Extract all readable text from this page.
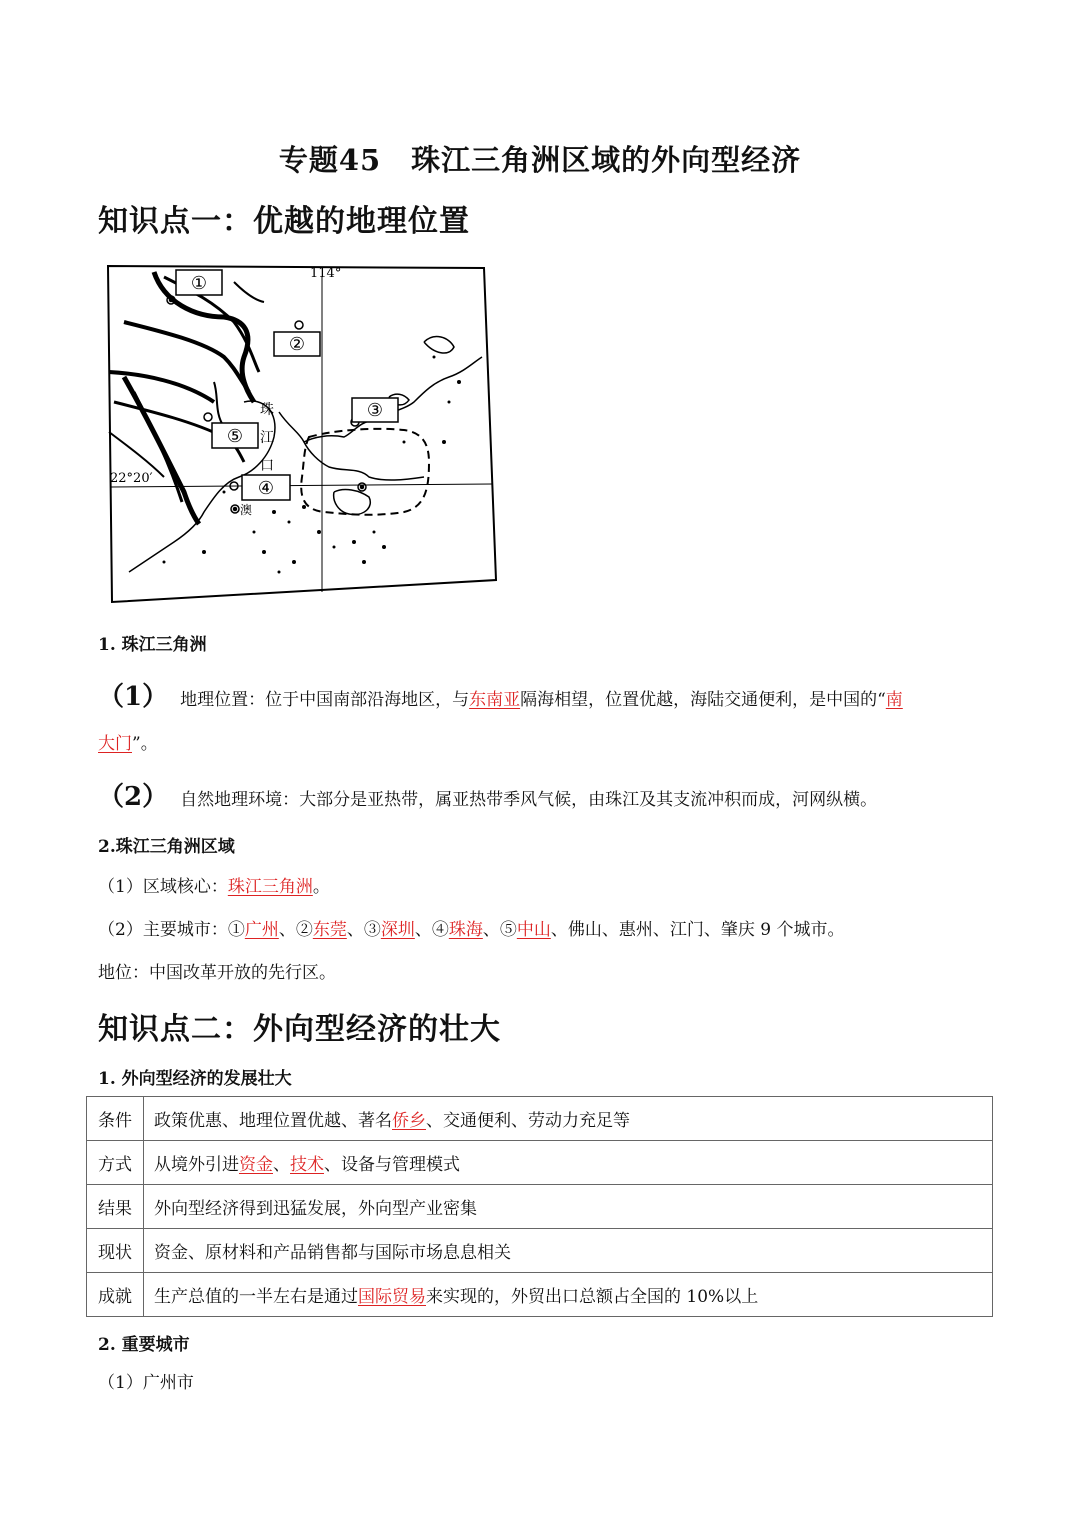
专题45　珠江三角洲区域的外向型经济
知识点一：优越的地理位置
①
②
③
④
⑤
114°
22°20′
珠
江
口
澳
1. 珠江三角洲
（1） 地理位置：位于中国南部沿海地区，与东南亚隔海相望，位置优越，海陆交通便利，是中国的“南
大门”。
（2） 自然地理环境：大部分是亚热带，属亚热带季风气候，由珠江及其支流冲积而成，河网纵横。
2.珠江三角洲区域
（1）区域核心：珠江三角洲。
（2）主要城市：①广州、②东莞、③深圳、④珠海、⑤中山、佛山、惠州、江门、肇庆 9 个城市。
地位：中国改革开放的先行区。
知识点二：外向型经济的壮大
1. 外向型经济的发展壮大
条件	政策优惠、地理位置优越、著名侨乡、交通便利、劳动力充足等
方式	从境外引进资金、技术、设备与管理模式
结果	外向型经济得到迅猛发展，外向型产业密集
现状	资金、原材料和产品销售都与国际市场息息相关
成就	生产总值的一半左右是通过国际贸易来实现的，外贸出口总额占全国的 10%以上
2. 重要城市
（1）广州市
